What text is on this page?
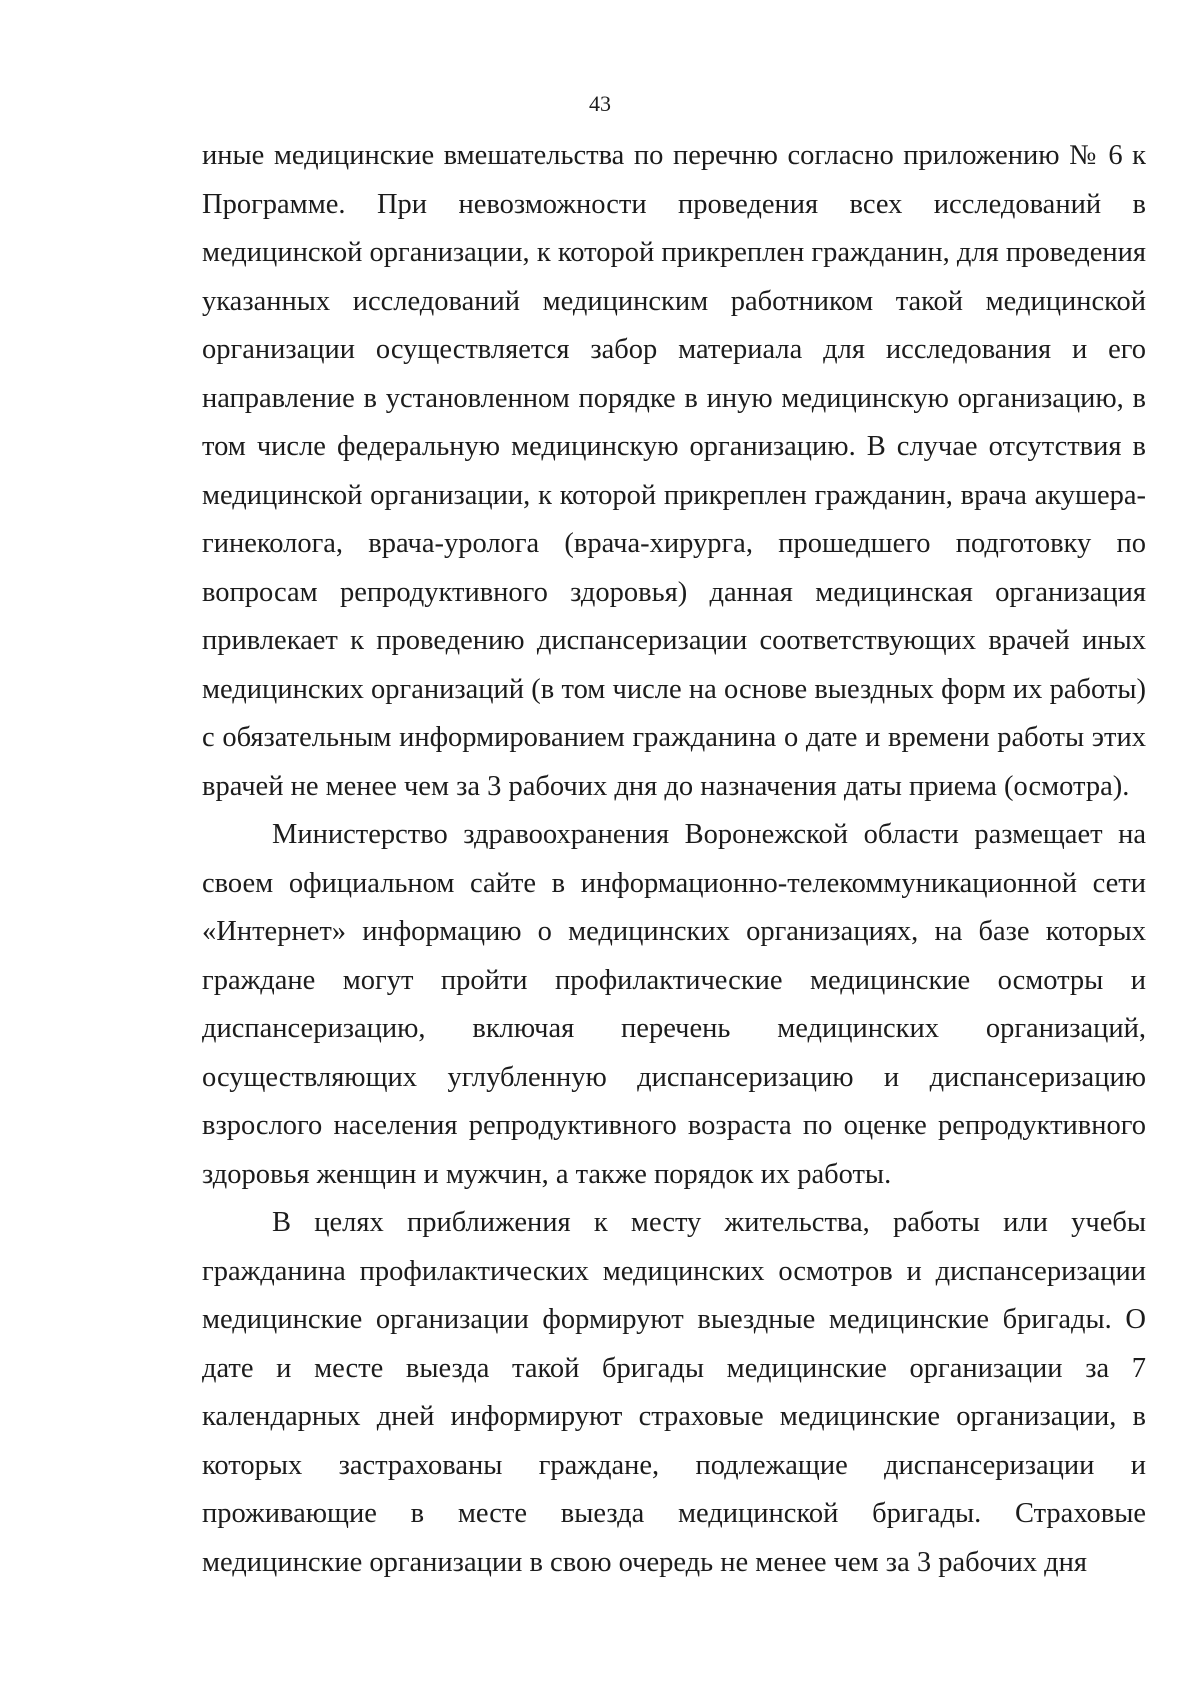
43

иные медицинские вмешательства по перечню согласно приложению № 6 к Программе. При невозможности проведения всех исследований в медицинской организации, к которой прикреплен гражданин, для проведения указанных исследований медицинским работником такой медицинской организации осуществляется забор материала для исследования и его направление в установленном порядке в иную медицинскую организацию, в том числе федеральную медицинскую организацию. В случае отсутствия в медицинской организации, к которой прикреплен гражданин, врача акушера-гинеколога, врача-уролога (врача-хирурга, прошедшего подготовку по вопросам репродуктивного здоровья) данная медицинская организация привлекает к проведению диспансеризации соответствующих врачей иных медицинских организаций (в том числе на основе выездных форм их работы) с обязательным информированием гражданина о дате и времени работы этих врачей не менее чем за 3 рабочих дня до назначения даты приема (осмотра).

Министерство здравоохранения Воронежской области размещает на своем официальном сайте в информационно-телекоммуникационной сети «Интернет» информацию о медицинских организациях, на базе которых граждане могут пройти профилактические медицинские осмотры и диспансеризацию, включая перечень медицинских организаций, осуществляющих углубленную диспансеризацию и диспансеризацию взрослого населения репродуктивного возраста по оценке репродуктивного здоровья женщин и мужчин, а также порядок их работы.

В целях приближения к месту жительства, работы или учебы гражданина профилактических медицинских осмотров и диспансеризации медицинские организации формируют выездные медицинские бригады. О дате и месте выезда такой бригады медицинские организации за 7 календарных дней информируют страховые медицинские организации, в которых застрахованы граждане, подлежащие диспансеризации и проживающие в месте выезда медицинской бригады. Страховые медицинские организации в свою очередь не менее чем за 3 рабочих дня
